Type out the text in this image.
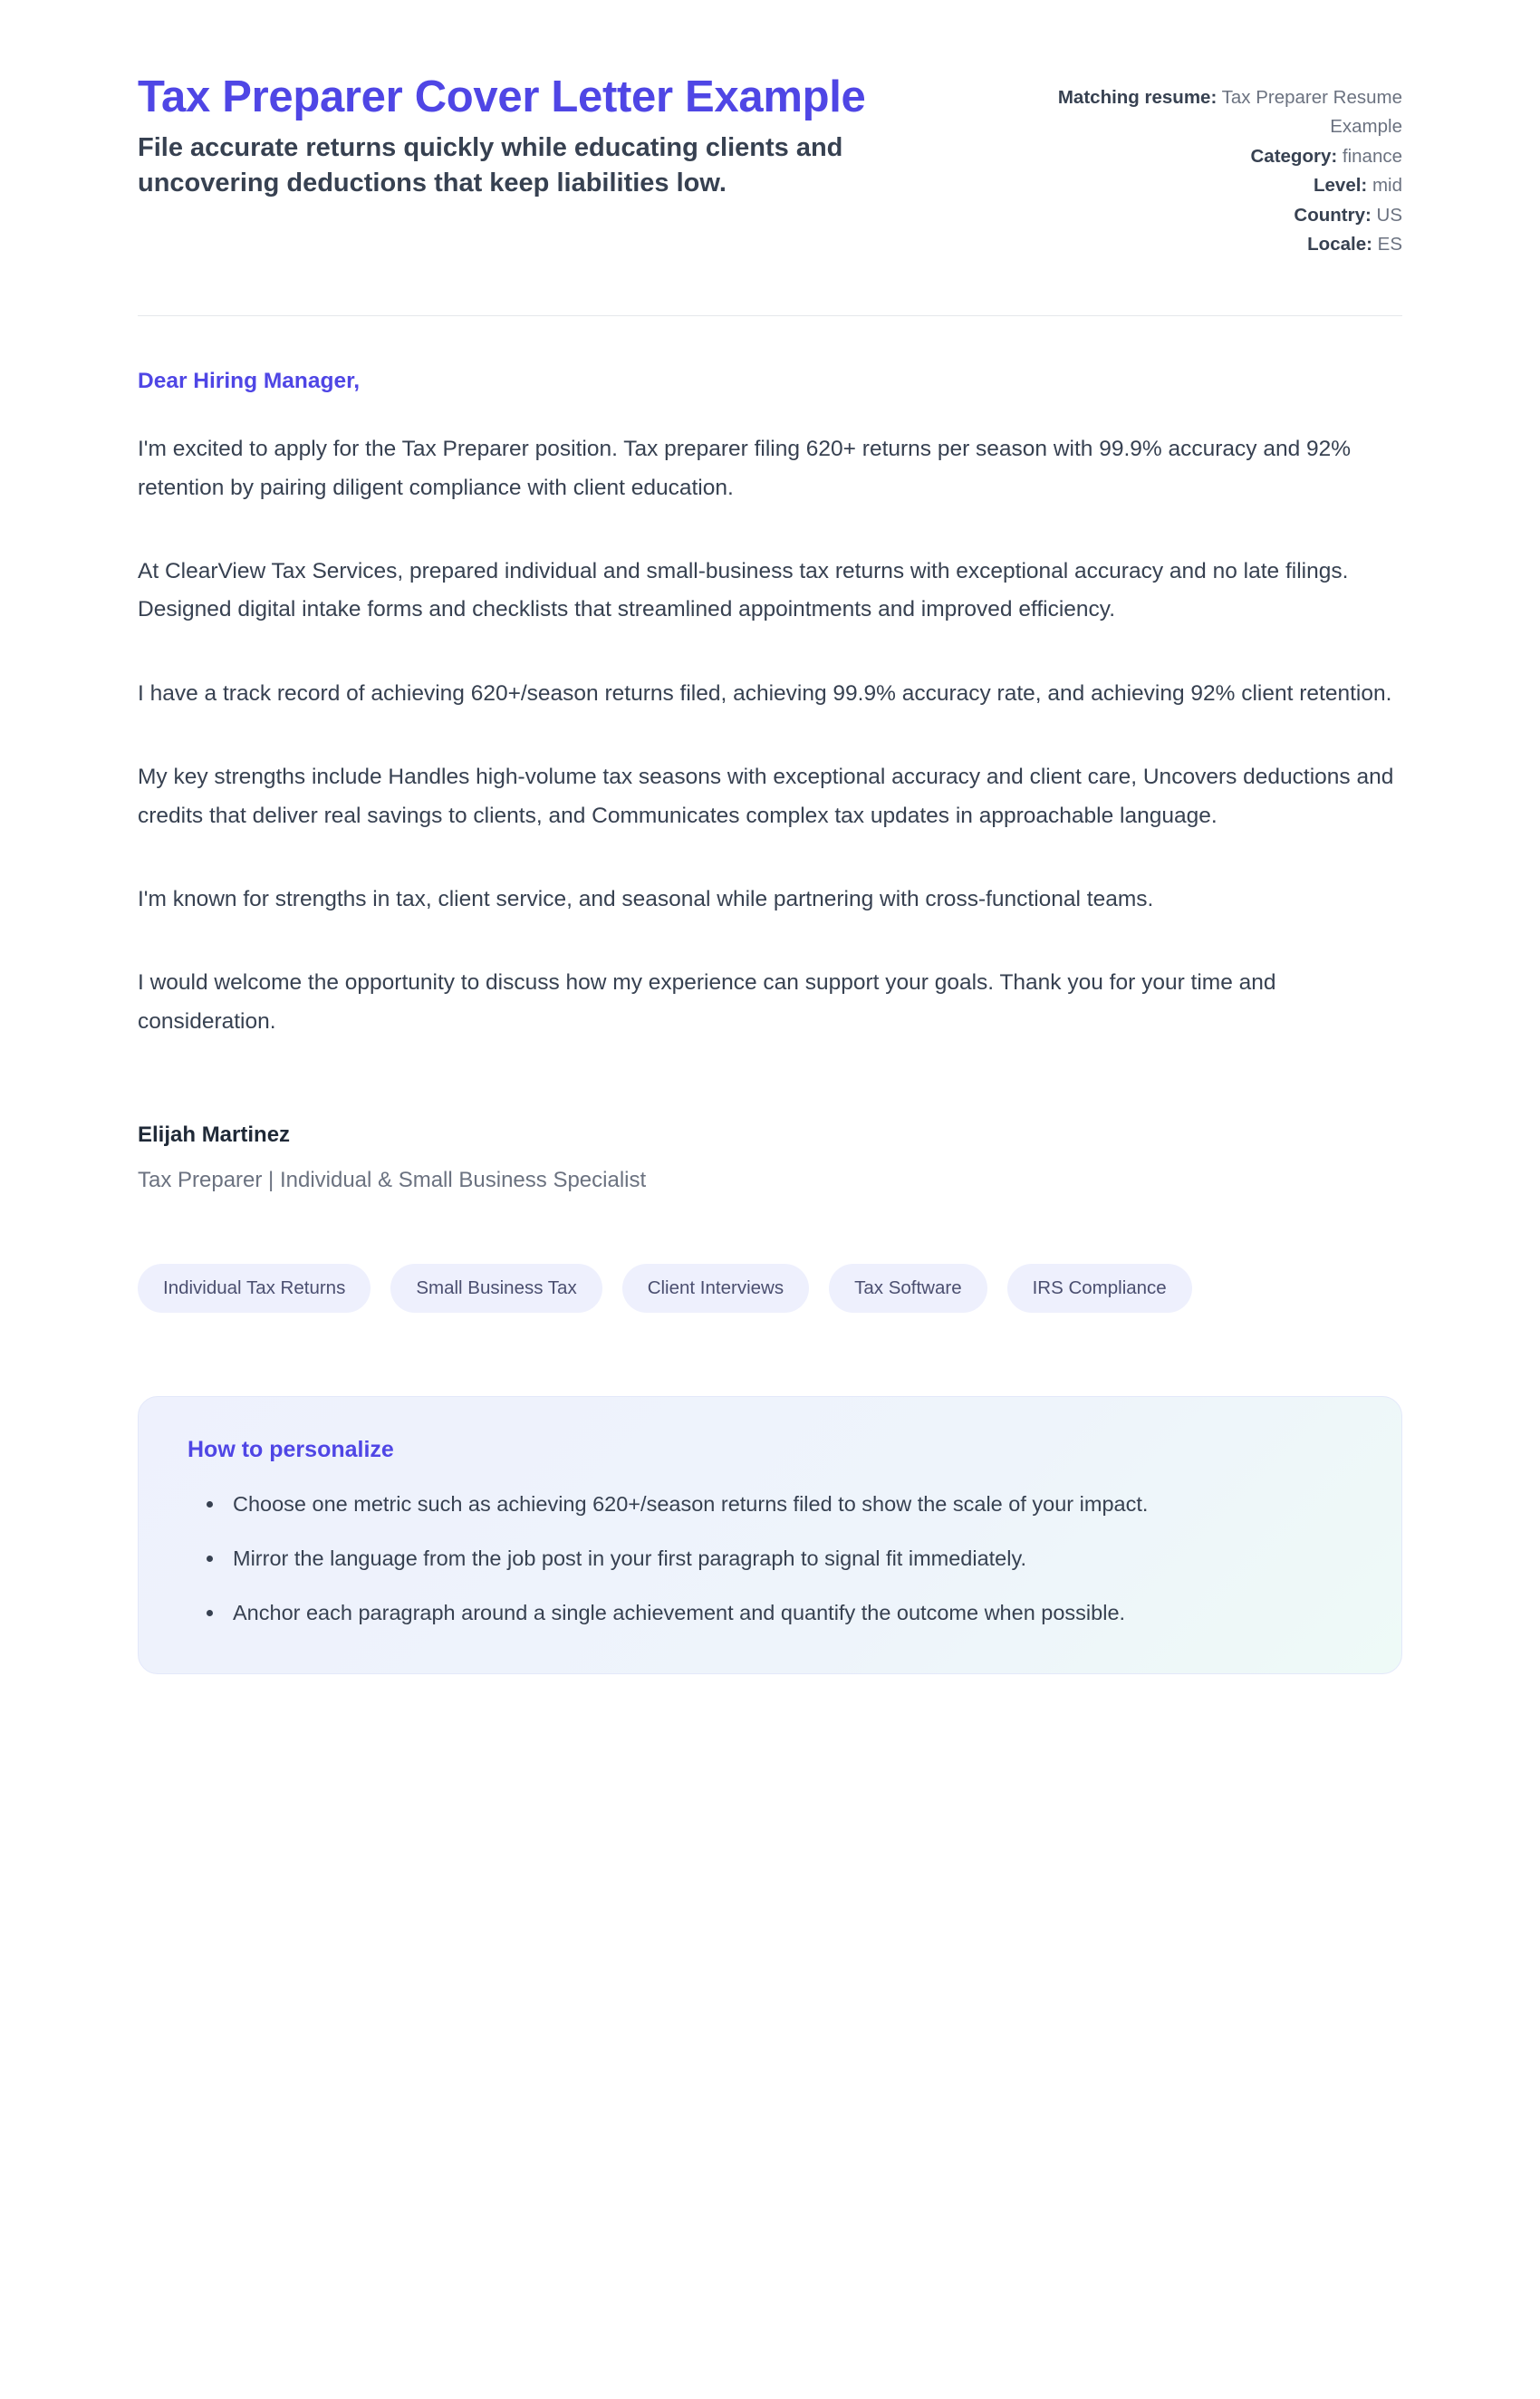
Tax Preparer Cover Letter Example

File accurate returns quickly while educating clients and uncovering deductions that keep liabilities low.

Matching resume: Tax Preparer Resume Example
Category: finance
Level: mid
Country: US
Locale: ES

Dear Hiring Manager,

I'm excited to apply for the Tax Preparer position. Tax preparer filing 620+ returns per season with 99.9% accuracy and 92% retention by pairing diligent compliance with client education.

At ClearView Tax Services, prepared individual and small-business tax returns with exceptional accuracy and no late filings. Designed digital intake forms and checklists that streamlined appointments and improved efficiency.

I have a track record of achieving 620+/season returns filed, achieving 99.9% accuracy rate, and achieving 92% client retention.

My key strengths include Handles high-volume tax seasons with exceptional accuracy and client care, Uncovers deductions and credits that deliver real savings to clients, and Communicates complex tax updates in approachable language.

I'm known for strengths in tax, client service, and seasonal while partnering with cross-functional teams.

I would welcome the opportunity to discuss how my experience can support your goals. Thank you for your time and consideration.

Elijah Martinez

Tax Preparer | Individual & Small Business Specialist

Individual Tax Returns	Small Business Tax	Client Interviews	Tax Software	IRS Compliance

How to personalize

• Choose one metric such as achieving 620+/season returns filed to show the scale of your impact.
• Mirror the language from the job post in your first paragraph to signal fit immediately.
• Anchor each paragraph around a single achievement and quantify the outcome when possible.
